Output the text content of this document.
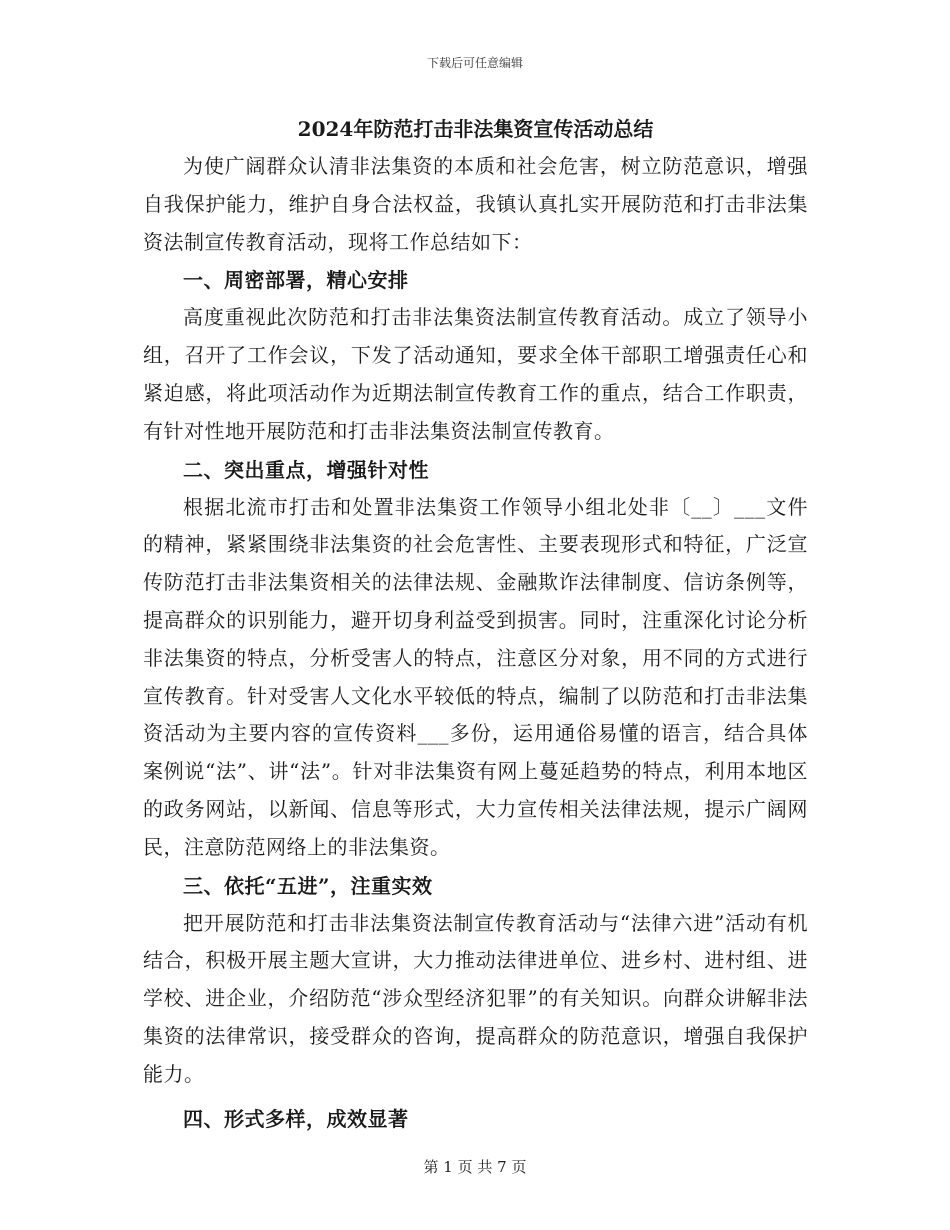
下载后可任意编辑
2024年防范打击非法集资宣传活动总结

为使广阔群众认清非法集资的本质和社会危害，树立防范意识，增强自我保护能力，维护自身合法权益，我镇认真扎实开展防范和打击非法集资法制宣传教育活动，现将工作总结如下：

一、周密部署，精心安排

高度重视此次防范和打击非法集资法制宣传教育活动。成立了领导小组，召开了工作会议，下发了活动通知，要求全体干部职工增强责任心和紧迫感，将此项活动作为近期法制宣传教育工作的重点，结合工作职责，有针对性地开展防范和打击非法集资法制宣传教育。

二、突出重点，增强针对性

根据北流市打击和处置非法集资工作领导小组北处非〔__〕___文件的精神，紧紧围绕非法集资的社会危害性、主要表现形式和特征，广泛宣传防范打击非法集资相关的法律法规、金融欺诈法律制度、信访条例等，提高群众的识别能力，避开切身利益受到损害。同时，注重深化讨论分析非法集资的特点，分析受害人的特点，注意区分对象，用不同的方式进行宣传教育。针对受害人文化水平较低的特点，编制了以防范和打击非法集资活动为主要内容的宣传资料___多份，运用通俗易懂的语言，结合具体案例说“法”、讲“法”。针对非法集资有网上蔓延趋势的特点，利用本地区的政务网站，以新闻、信息等形式，大力宣传相关法律法规，提示广阔网民，注意防范网络上的非法集资。

三、依托“五进”，注重实效

把开展防范和打击非法集资法制宣传教育活动与“法律六进”活动有机结合，积极开展主题大宣讲，大力推动法律进单位、进乡村、进村组、进学校、进企业，介绍防范“涉众型经济犯罪”的有关知识。向群众讲解非法集资的法律常识，接受群众的咨询，提高群众的防范意识，增强自我保护能力。

四、形式多样，成效显著

第 1 页 共 7 页
